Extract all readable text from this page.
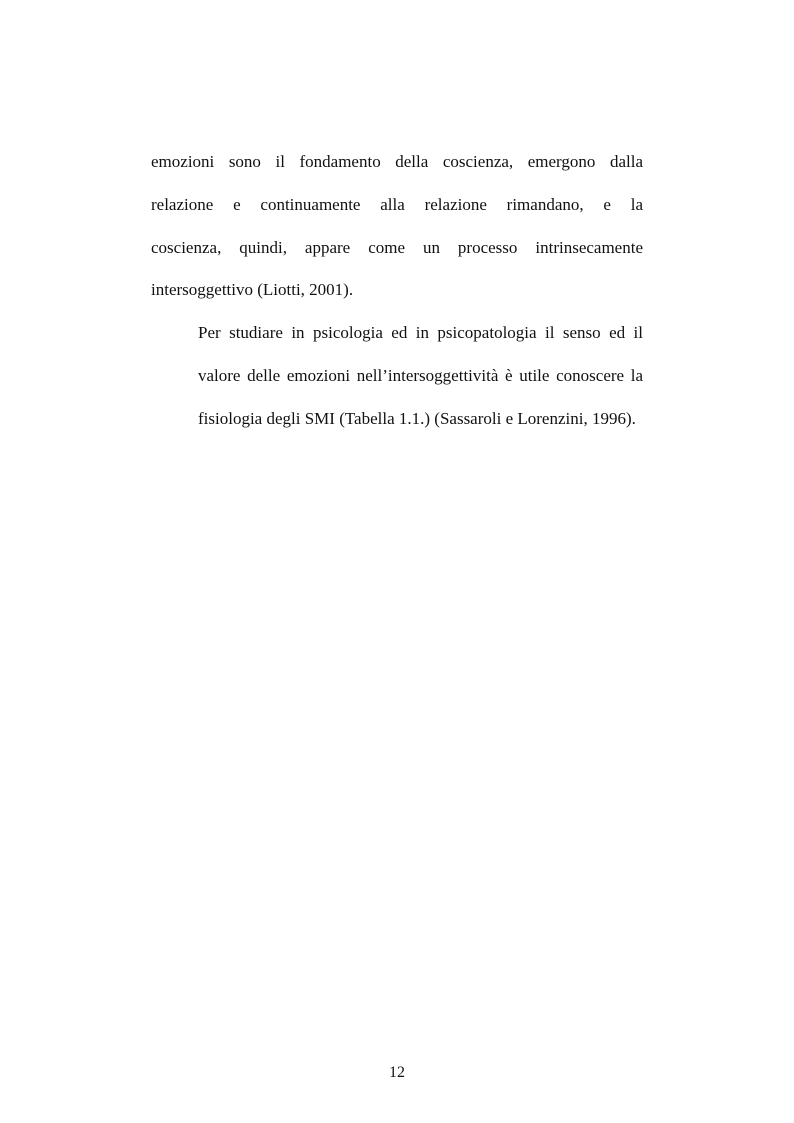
emozioni sono il fondamento della coscienza, emergono dalla
relazione e continuamente alla relazione rimandano, e la
coscienza, quindi, appare come un processo intrinsecamente
intersoggettivo (Liotti, 2001).

Per studiare in psicologia ed in psicopatologia il senso ed il
valore delle emozioni nell’intersoggettività è utile conoscere la
fisiologia degli SMI (Tabella 1.1.) (Sassaroli e Lorenzini, 1996).

12
